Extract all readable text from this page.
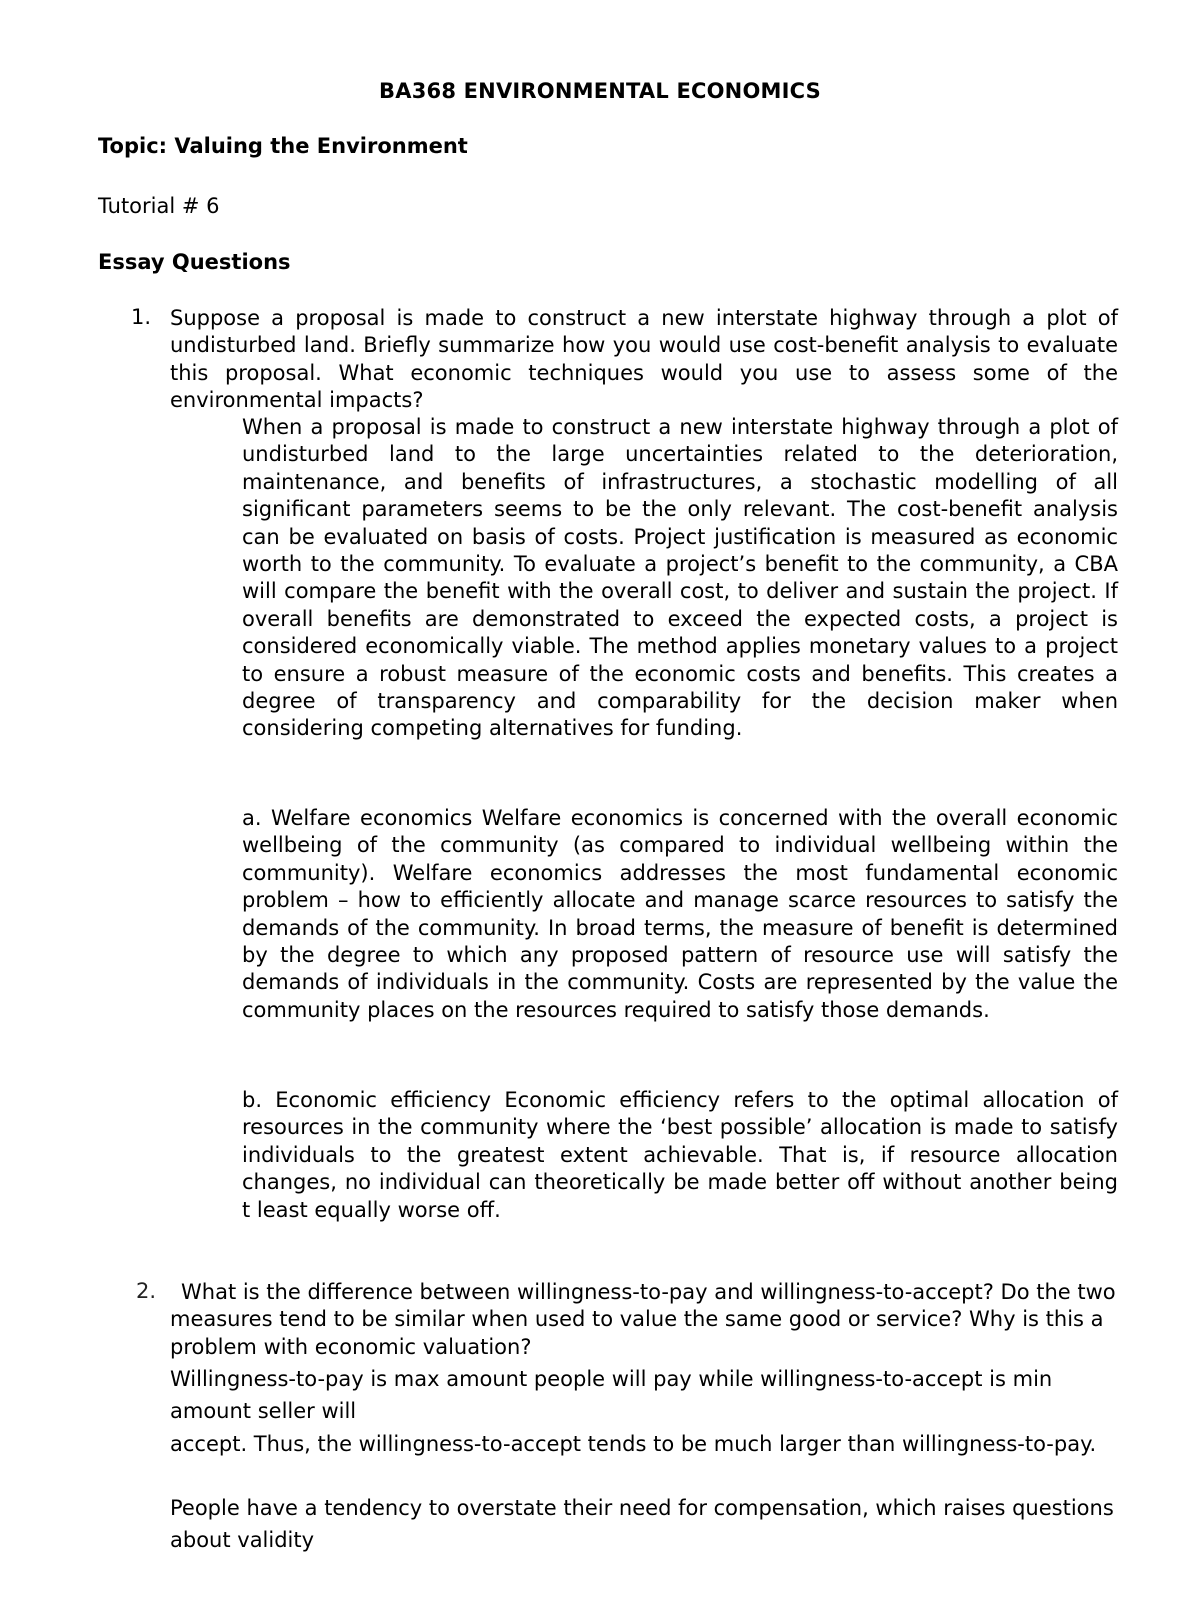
BA368 ENVIRONMENTAL ECONOMICS
Topic: Valuing the Environment
Tutorial # 6
Essay Questions
1. Suppose a proposal is made to construct a new interstate highway through a plot of undisturbed land. Briefly summarize how you would use cost-benefit analysis to evaluate this proposal. What economic techniques would you use to assess some of the environmental impacts?
When a proposal is made to construct a new interstate highway through a plot of undisturbed land to the large uncertainties related to the deterioration, maintenance, and benefits of infrastructures, a stochastic modelling of all significant parameters seems to be the only relevant. The cost-benefit analysis can be evaluated on basis of costs. Project justification is measured as economic worth to the community. To evaluate a project’s benefit to the community, a CBA will compare the benefit with the overall cost, to deliver and sustain the project. If overall benefits are demonstrated to exceed the expected costs, a project is considered economically viable. The method applies monetary values to a project to ensure a robust measure of the economic costs and benefits. This creates a degree of transparency and comparability for the decision maker when considering competing alternatives for funding.
a. Welfare economics Welfare economics is concerned with the overall economic wellbeing of the community (as compared to individual wellbeing within the community). Welfare economics addresses the most fundamental economic problem – how to efficiently allocate and manage scarce resources to satisfy the demands of the community. In broad terms, the measure of benefit is determined by the degree to which any proposed pattern of resource use will satisfy the demands of individuals in the community. Costs are represented by the value the community places on the resources required to satisfy those demands.
b. Economic efficiency Economic efficiency refers to the optimal allocation of resources in the community where the ‘best possible’ allocation is made to satisfy individuals to the greatest extent achievable. That is, if resource allocation changes, no individual can theoretically be made better off without another being t least equally worse off.
2.	What is the difference between willingness-to-pay and willingness-to-accept? Do the two measures tend to be similar when used to value the same good or service? Why is this a problem with economic valuation?
Willingness-to-pay is max amount people will pay while willingness-to-accept is min amount seller will
accept. Thus, the willingness-to-accept tends to be much larger than willingness-to-pay.
People have a tendency to overstate their need for compensation, which raises questions about validity
